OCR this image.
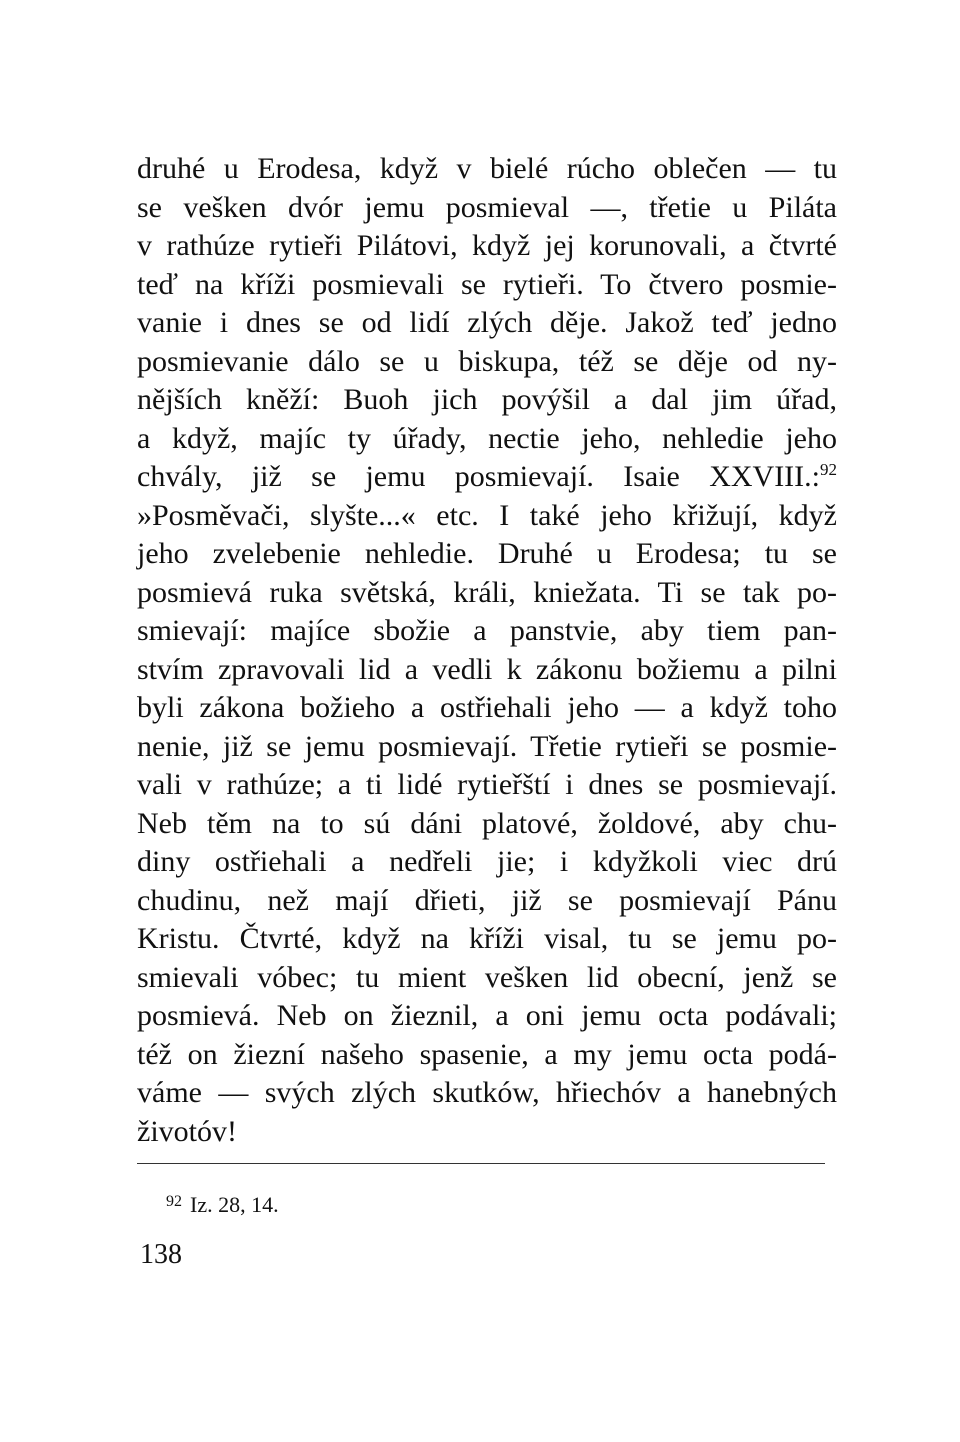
druhé u Erodesa, když v bielé rúcho oblečen — tu
se vešken dvór jemu posmieval —, třetie u Piláta
v rathúze rytieři Pilátovi, když jej korunovali, a čtvrté
teď na kříži posmievali se rytieři. To čtvero posmie-
vanie i dnes se od lidí zlých děje. Jakož teď jedno
posmievanie dálo se u biskupa, též se děje od ny-
nějších kněží: Buoh jich povýšil a dal jim úřad,
a když, majíc ty úřady, nectie jeho, nehledie jeho
chvály, již se jemu posmievají. Isaie XXVIII.:$^{92}$
»Posměvači, slyšte...« etc. I také jeho křižují, když
jeho zvelebenie nehledie. Druhé u Erodesa; tu se
posmievá ruka světská, králi, kniežata. Ti se tak po-
smievají: majíce sbožie a panstvie, aby tiem pan-
stvím zpravovali lid a vedli k zákonu božiemu a pilni
byli zákona božieho a ostřiehali jeho — a když toho
nenie, již se jemu posmievají. Třetie rytieři se posmie-
vali v rathúze; a ti lidé rytieřští i dnes se posmievají.
Neb těm na to sú dáni platové, žoldové, aby chu-
diny ostřiehali a nedřeli jie; i kdyžkoli viec drú
chudinu, než mají dřieti, již se posmievají Pánu
Kristu. Čtvrté, když na kříži visal, tu se jemu po-
smievali vóbec; tu mient vešken lid obecní, jenž se
posmievá. Neb on žieznil, a oni jemu octa podávali;
též on žiezní našeho spasenie, a my jemu octa podá-
váme — svých zlých skutków, hřiechóv a hanebných
životóv!
$^{92}$ Iz. 28, 14.
138
